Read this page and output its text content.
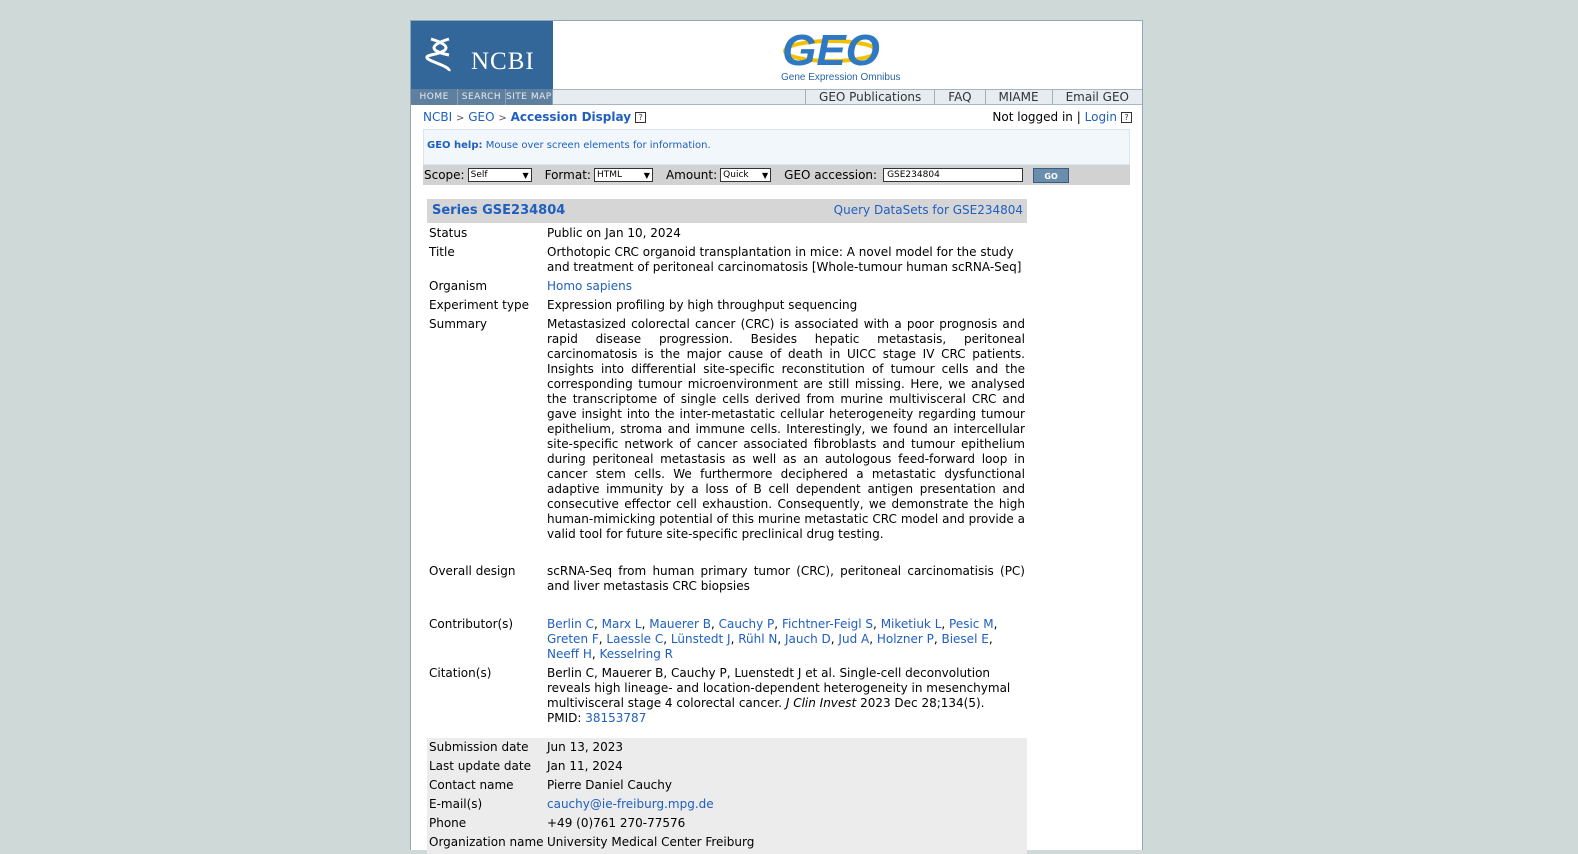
NCBI	GEO
Gene Expression Omnibus
HOME	SEARCH SITE MAP	GEO Publications	FAQ	MIAME	Email GEO
NCBI > GEO > Accession Display ?	Not logged in | Login ?
GEO help: Mouse over screen elements for information.
Scope: Self	▼ Format: HTML	▼ Amount: Quick ▼ GEO accession:	GSE234804	GO
Series GSE234804	Query DataSets for GSE234804
Status	Public on Jan 10, 2024
Title	Orthotopic CRC organoid transplantation in mice: A novel model for the study and treatment of peritoneal carcinomatosis [Whole-tumour human scRNA-Seq]
Organism	Homo sapiens
Experiment type	Expression profiling by high throughput sequencing
Summary	Metastasized colorectal cancer (CRC) is associated with a poor prognosis and rapid disease progression. Besides hepatic metastasis, peritoneal carcinomatosis is the major cause of death in UICC stage IV CRC patients. Insights into differential site-specific reconstitution of tumour cells and the corresponding tumour microenvironment are still missing. Here, we analysed the transcriptome of single cells derived from murine multivisceral CRC and gave insight into the inter-metastatic cellular heterogeneity regarding tumour epithelium, stroma and immune cells. Interestingly, we found an intercellular site-specific network of cancer associated fibroblasts and tumour epithelium during peritoneal metastasis as well as an autologous feed-forward loop in cancer stem cells. We furthermore deciphered a metastatic dysfunctional adaptive immunity by a loss of B cell dependent antigen presentation and consecutive effector cell exhaustion. Consequently, we demonstrate the high human-mimicking potential of this murine metastatic CRC model and provide a valid tool for future site-specific preclinical drug testing.
Overall design	scRNA-Seq from human primary tumor (CRC), peritoneal carcinomatisis (PC) and liver metastasis CRC biopsies
Contributor(s)	Berlin C, Marx L, Mauerer B, Cauchy P, Fichtner-Feigl S, Miketiuk L, Pesic M, Greten F, Laessle C, Lünstedt J, Rühl N, Jauch D, Jud A, Holzner P, Biesel E, Neeff H, Kesselring R
Citation(s)	Berlin C, Mauerer B, Cauchy P, Luenstedt J et al. Single-cell deconvolution reveals high lineage- and location-dependent heterogeneity in mesenchymal multivisceral stage 4 colorectal cancer. J Clin Invest 2023 Dec 28;134(5).
PMID: 38153787
Submission date	Jun 13, 2023
Last update date	Jan 11, 2024
Contact name	Pierre Daniel Cauchy
E-mail(s)	cauchy@ie-freiburg.mpg.de
Phone	+49 (0)761 270-77576
Organization name University Medical Center Freiburg
